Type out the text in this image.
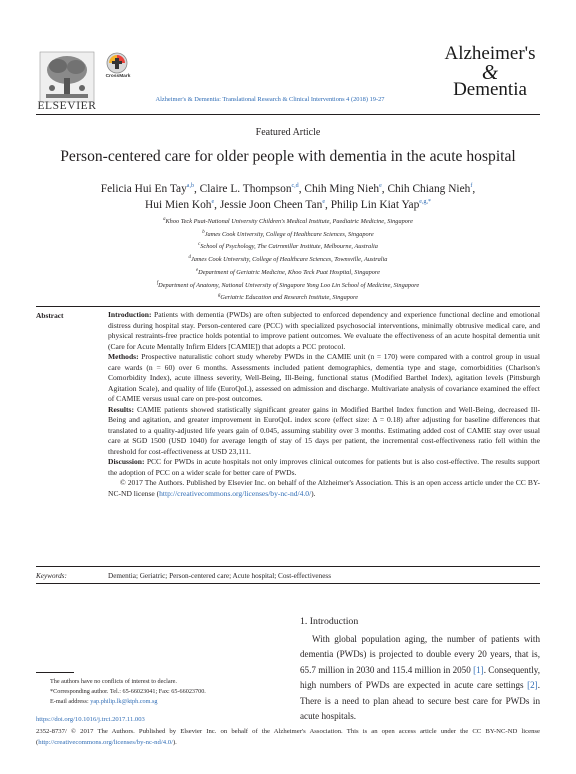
ELSEVIER
CrossMark
Alzheimer's
&
Dementia
Alzheimer's & Dementia: Translational Research & Clinical Interventions 4 (2018) 19-27
Featured Article
Person-centered care for older people with dementia in the acute hospital
Felicia Hui En Tay$^{a,b}$, Claire L. Thompson$^{c,d}$, Chih Ming Nieh$^e$, Chih Chiang Nieh$^f$,
Hui Mien Koh$^e$, Jessie Joon Cheen Tan$^e$, Philip Lin Kiat Yap$^{e,g,*}$
$^a$Khoo Teck Puat-National University Children's Medical Institute, Paediatric Medicine, Singapore
$^b$James Cook University, College of Healthcare Sciences, Singapore
$^c$School of Psychology, The Cairnmillar Institute, Melbourne, Australia
$^d$James Cook University, College of Healthcare Sciences, Townsville, Australia
$^e$Department of Geriatric Medicine, Khoo Teck Puat Hospital, Singapore
$^f$Department of Anatomy, National University of Singapore Yong Loo Lin School of Medicine, Singapore
$^g$Geriatric Education and Research Institute, Singapore
Abstract	Introduction: Patients with dementia (PWDs) are often subjected to enforced dependency and experience functional decline and emotional distress during hospital stay. Person-centered care (PCC) with specialized psychosocial interventions, minimally obtrusive medical care, and physical restraints-free practice holds potential to improve patient outcomes. We evaluate the effectiveness of an acute hospital dementia unit (Care for Acute Mentally Infirm Elders [CAMIE]) that adopts a PCC protocol.

Methods: Prospective naturalistic cohort study whereby PWDs in the CAMIE unit (n = 170) were compared with a control group in usual care wards (n = 60) over 6 months. Assessments included patient demographics, dementia type and stage, comorbidities (Charlson's Comorbidity Index), acute illness severity, Well-Being, Ill-Being, functional status (Modified Barthel Index), agitation levels (Pittsburgh Agitation Scale), and quality of life (EuroQoL), assessed on admission and discharge. Multivariate analysis of covariance examined the effect of CAMIE versus usual care on pre-post outcomes.

Results: CAMIE patients showed statistically significant greater gains in Modified Barthel Index function and Well-Being, decreased Ill-Being and agitation, and greater improvement in EuroQoL index score (effect size: Δ = 0.18) after adjusting for baseline differences that translated to a quality-adjusted life years gain of 0.045, assuming stability over 3 months. Estimating added cost of CAMIE stay over usual care at SGD 1500 (USD 1040) for average length of stay of 15 days per patient, the incremental cost-effectiveness ratio fell within the threshold for cost-effectiveness at USD 23,111.

Discussion: PCC for PWDs in acute hospitals not only improves clinical outcomes for patients but is also cost-effective. The results support the adoption of PCC on a wider scale for better care of PWDs.

© 2017 The Authors. Published by Elsevier Inc. on behalf of the Alzheimer's Association. This is an open access article under the CC BY-NC-ND license (http://creativecommons.org/licenses/by-nc-nd/4.0/).

Keywords:	Dementia; Geriatric; Person-centered care; Acute hospital; Cost-effectiveness
1. Introduction

With global population aging, the number of patients with dementia (PWDs) is projected to double every 20 years, that is, 65.7 million in 2030 and 115.4 million in 2050 [1]. Consequently, high numbers of PWDs are expected in acute care settings [2]. There is a need to plan ahead to secure best care for PWDs in acute hospitals.

The authors have no conflicts of interest to declare.
*Corresponding author. Tel.: 65-66023041; Fax: 65-66023700.
E-mail address: yap.philip.lk@ktph.com.sg
https://doi.org/10.1016/j.trci.2017.11.003
2352-8737/ © 2017 The Authors. Published by Elsevier Inc. on behalf of the Alzheimer's Association. This is an open access article under the CC BY-NC-ND license (http://creativecommons.org/licenses/by-nc-nd/4.0/).
